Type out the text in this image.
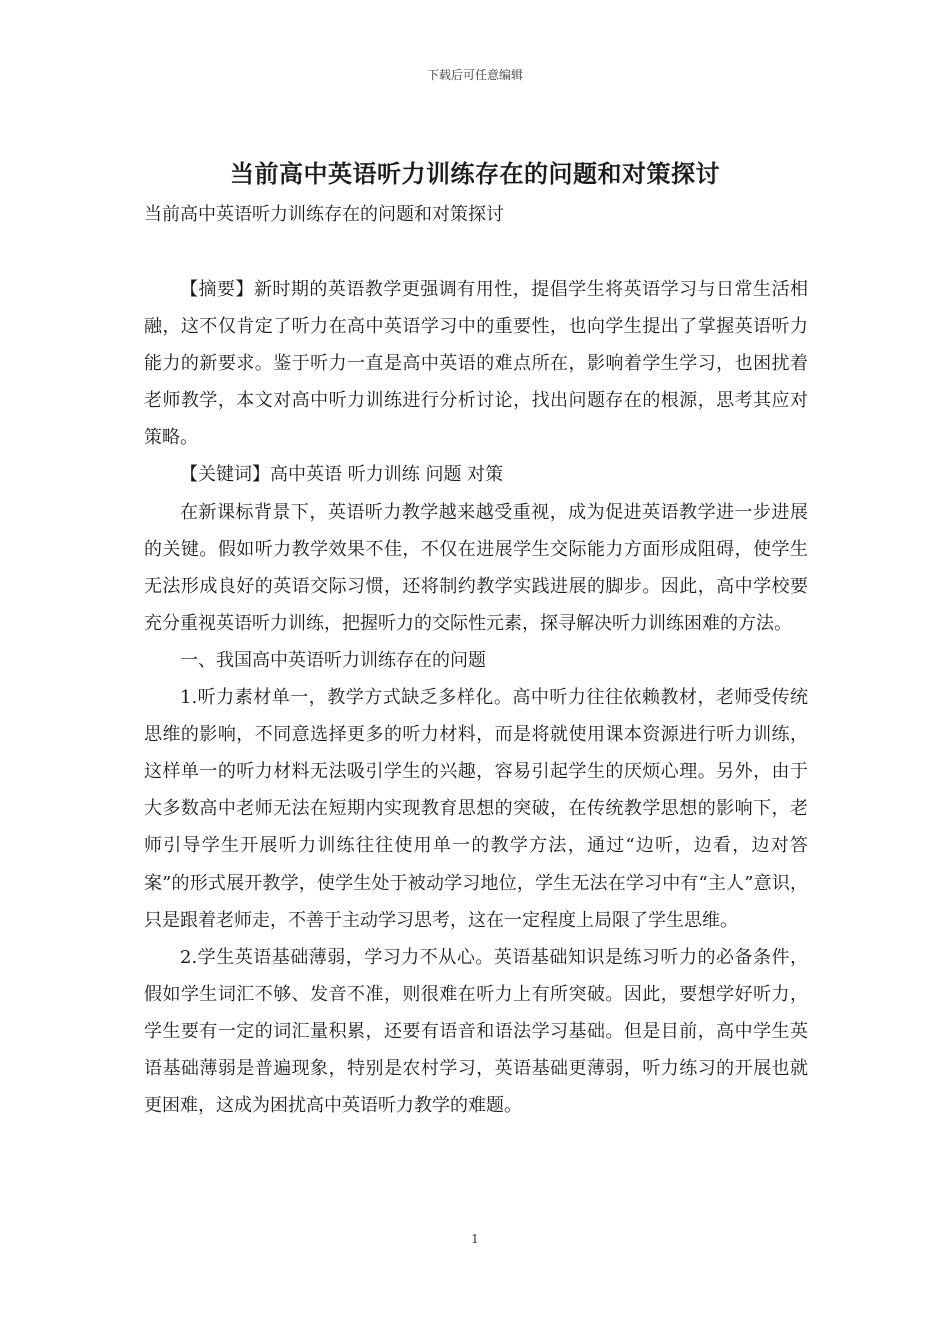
下载后可任意编辑
当前高中英语听力训练存在的问题和对策探讨
当前高中英语听力训练存在的问题和对策探讨

【摘要】新时期的英语教学更强调有用性，提倡学生将英语学习与日常生活相融，这不仅肯定了听力在高中英语学习中的重要性，也向学生提出了掌握英语听力能力的新要求。鉴于听力一直是高中英语的难点所在，影响着学生学习，也困扰着老师教学，本文对高中听力训练进行分析讨论，找出问题存在的根源，思考其应对策略。

【关键词】高中英语 听力训练 问题 对策

在新课标背景下，英语听力教学越来越受重视，成为促进英语教学进一步进展的关键。假如听力教学效果不佳，不仅在进展学生交际能力方面形成阻碍，使学生无法形成良好的英语交际习惯，还将制约教学实践进展的脚步。因此，高中学校要充分重视英语听力训练，把握听力的交际性元素，探寻解决听力训练困难的方法。

一、我国高中英语听力训练存在的问题

1.听力素材单一，教学方式缺乏多样化。高中听力往往依赖教材，老师受传统思维的影响，不同意选择更多的听力材料，而是将就使用课本资源进行听力训练，这样单一的听力材料无法吸引学生的兴趣，容易引起学生的厌烦心理。另外，由于大多数高中老师无法在短期内实现教育思想的突破，在传统教学思想的影响下，老师引导学生开展听力训练往往使用单一的教学方法，通过“边听，边看，边对答案”的形式展开教学，使学生处于被动学习地位，学生无法在学习中有“主人”意识，只是跟着老师走，不善于主动学习思考，这在一定程度上局限了学生思维。

2.学生英语基础薄弱，学习力不从心。英语基础知识是练习听力的必备条件，假如学生词汇不够、发音不准，则很难在听力上有所突破。因此，要想学好听力，学生要有一定的词汇量积累，还要有语音和语法学习基础。但是目前，高中学生英语基础薄弱是普遍现象，特别是农村学习，英语基础更薄弱，听力练习的开展也就更困难，这成为困扰高中英语听力教学的难题。

1
